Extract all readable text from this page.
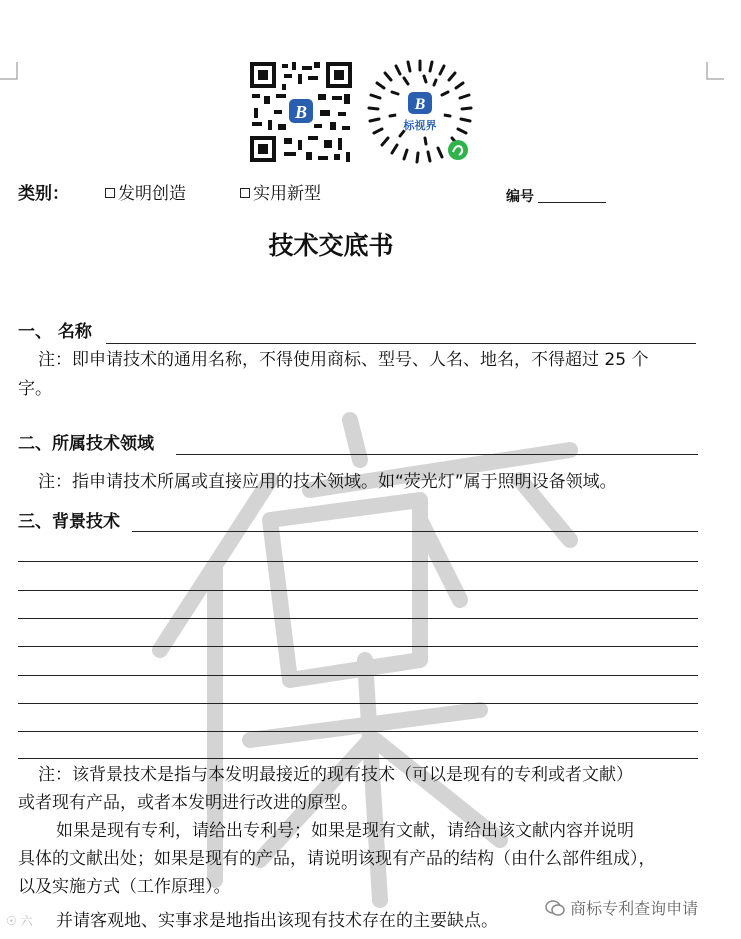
B	B
标视界
类别：	发明创造	实用新型	编号
技术交底书
一、 名称
注：即申请技术的通用名称，不得使用商标、型号、人名、地名，不得超过 25 个
字。
二、所属技术领域
注：指申请技术所属或直接应用的技术领域。如“荧光灯”属于照明设备领域。
三、背景技术
注：该背景技术是指与本发明最接近的现有技术（可以是现有的专利或者文献）
或者现有产品，或者本发明进行改进的原型。
如果是现有专利，请给出专利号；如果是现有文献，请给出该文献内容并说明
具体的文献出处；如果是现有的产品，请说明该现有产品的结构（由什么部件组成），
以及实施方式（工作原理）。
并请客观地、实事求是地指出该现有技术存在的主要缺点。
☉ 六
商标专利查询申请
